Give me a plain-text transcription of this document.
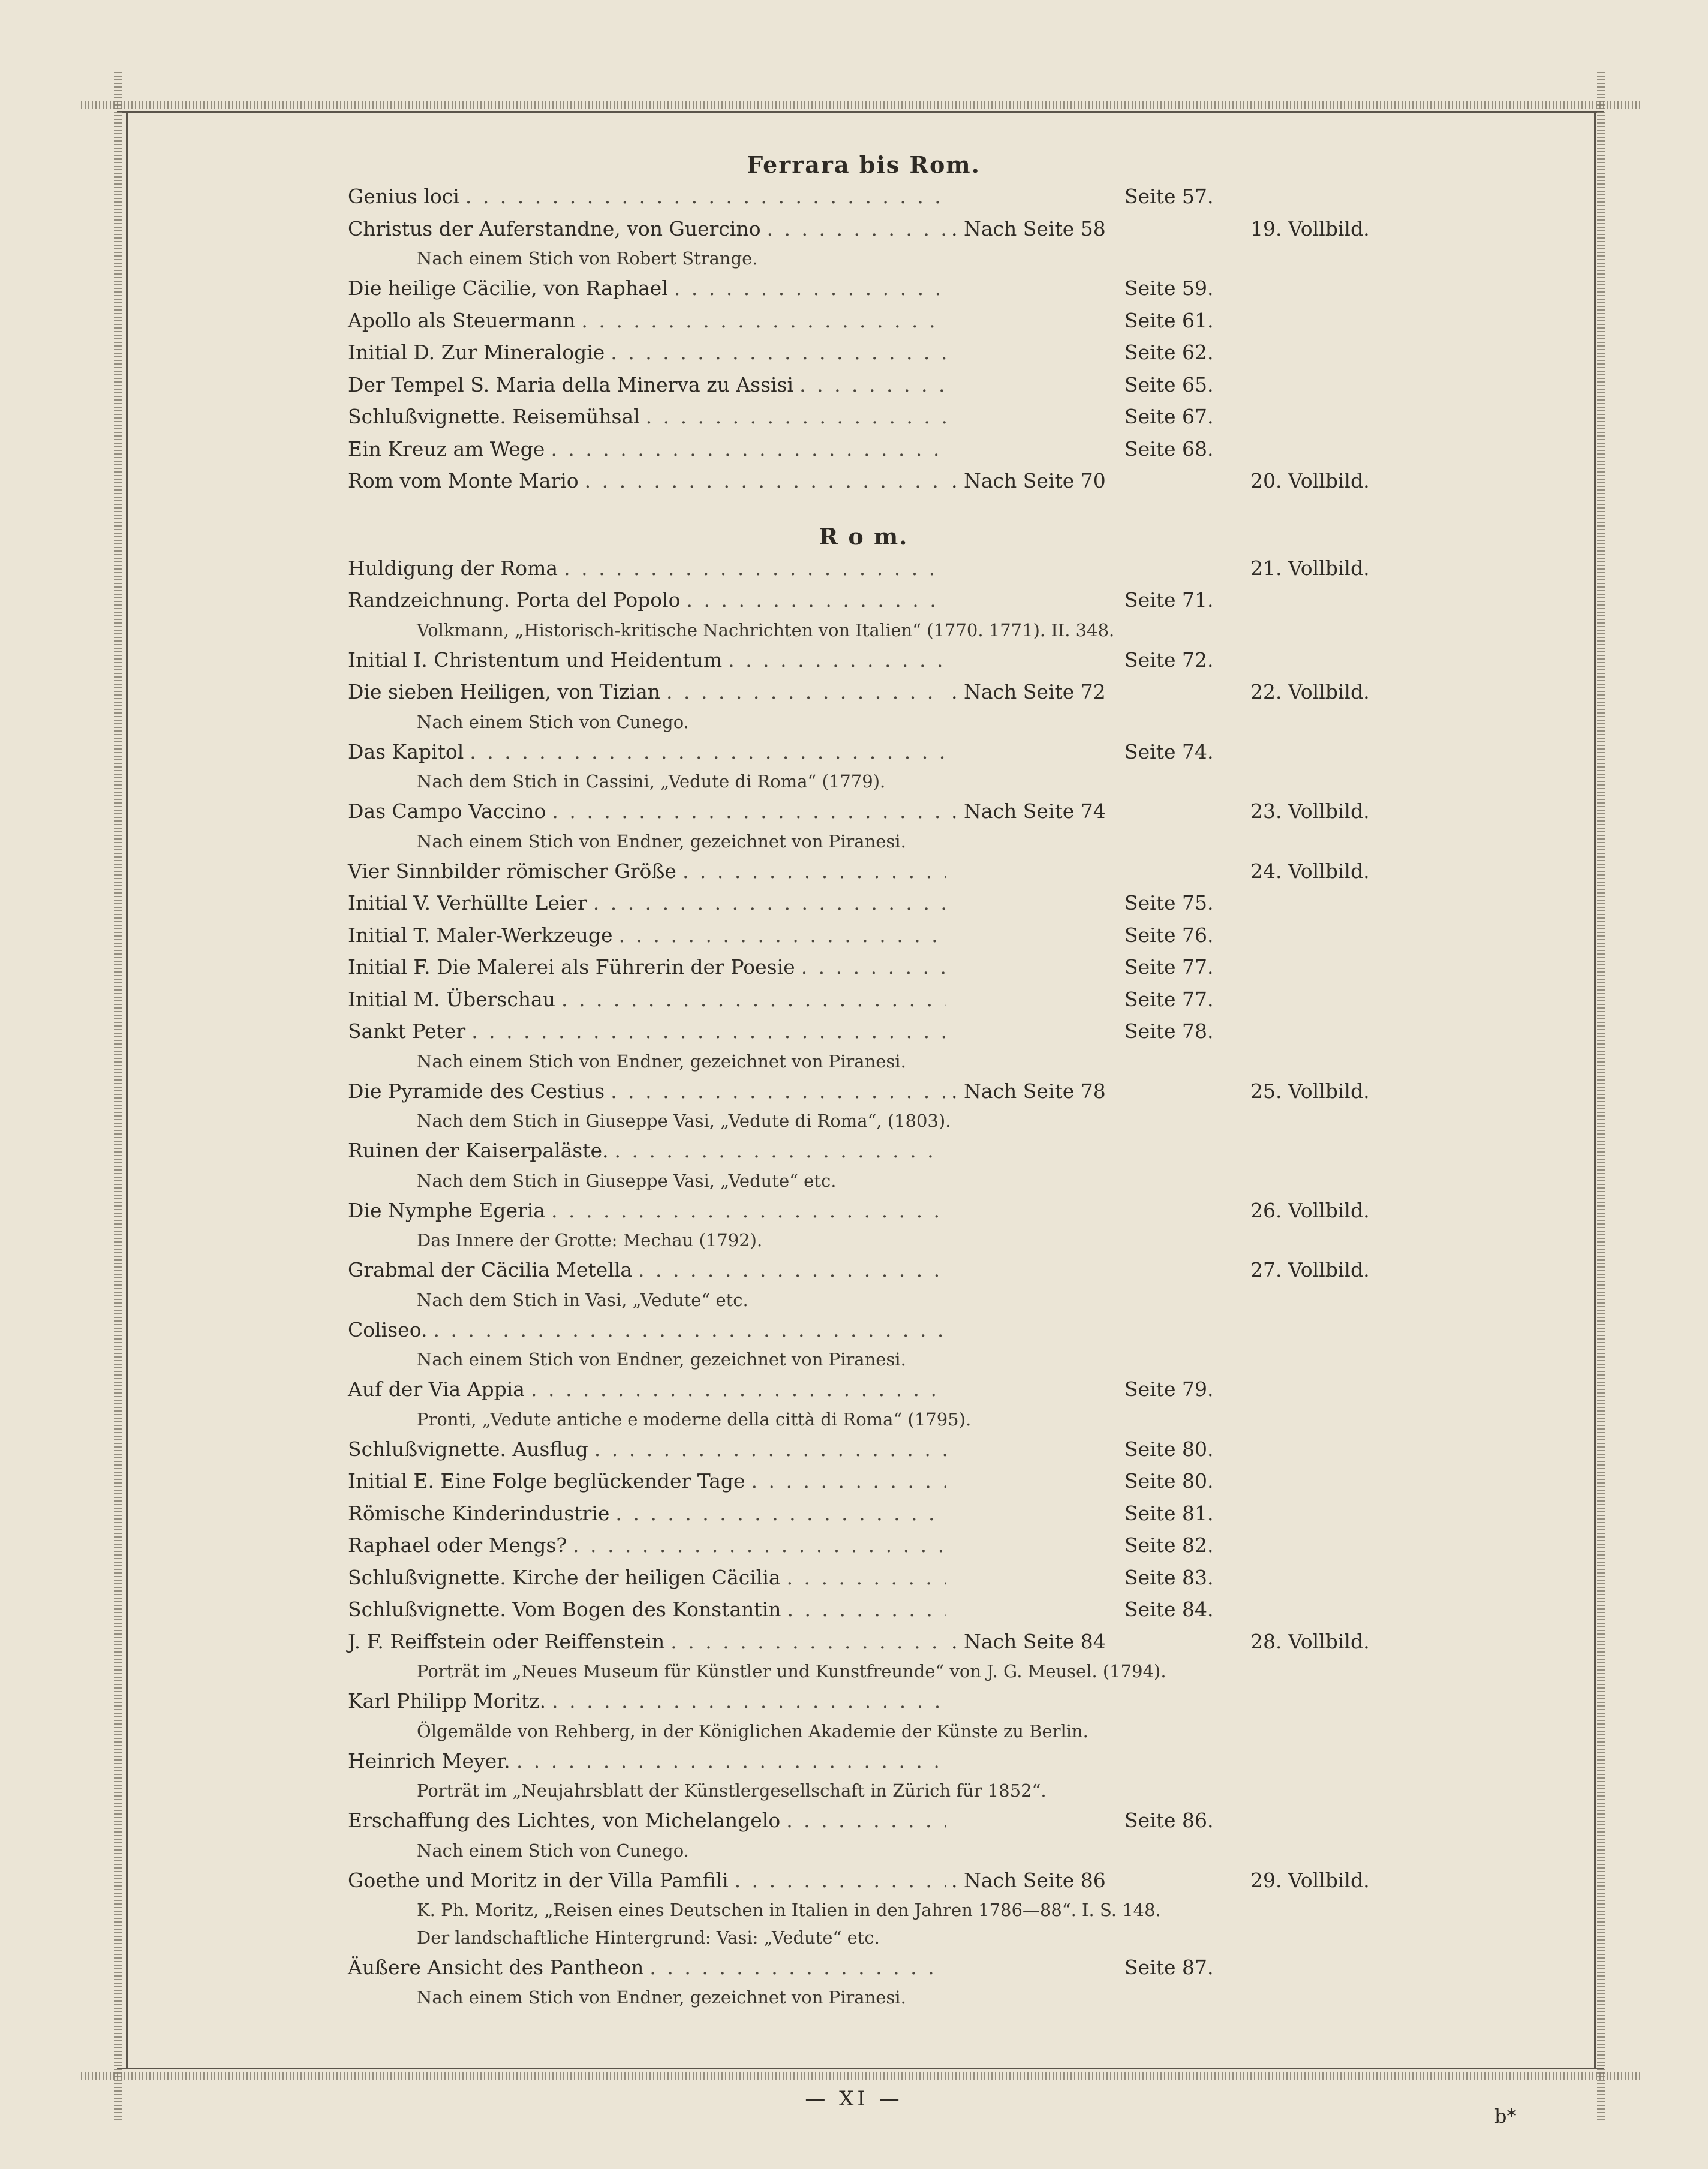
Ferrara bis Rom.
Genius loci . . .	Seite 57.
Christus der Auferstandne, von Guercino . . .	. Nach Seite 58	19. Vollbild.
Nach einem Stich von Robert Strange.
Die heilige Cäcilie, von Raphael . . .	Seite 59.
Apollo als Steuermann . . .	Seite 61.
Initial D. Zur Mineralogie . . .	Seite 62.
Der Tempel S. Maria della Minerva zu Assisi . . .	Seite 65.
Schlußvignette. Reisemühsal . . .	Seite 67.
Ein Kreuz am Wege . . .	Seite 68.
Rom vom Monte Mario . . .	. Nach Seite 70	20. Vollbild.
R o m.
Huldigung der Roma . . .	21. Vollbild.
Randzeichnung. Porta del Popolo . . .	Seite 71.
Volkmann, „Historisch-kritische Nachrichten von Italien“ (1770. 1771). II. 348.
Initial I. Christentum und Heidentum . . .	Seite 72.
Die sieben Heiligen, von Tizian . . .	. Nach Seite 72	22. Vollbild.
Nach einem Stich von Cunego.
Das Kapitol . . .	Seite 74.
Nach dem Stich in Cassini, „Vedute di Roma“ (1779).
Das Campo Vaccino . . .	. Nach Seite 74	23. Vollbild.
Nach einem Stich von Endner, gezeichnet von Piranesi.
Vier Sinnbilder römischer Größe . . .	24. Vollbild.
Initial V. Verhüllte Leier . . .	Seite 75.
Initial T. Maler-Werkzeuge . . .	Seite 76.
Initial F. Die Malerei als Führerin der Poesie . . .	Seite 77.
Initial M. Überschau . . .	Seite 77.
Sankt Peter . . .	Seite 78.
Nach einem Stich von Endner, gezeichnet von Piranesi.
Die Pyramide des Cestius . . .	. Nach Seite 78	25. Vollbild.
Nach dem Stich in Giuseppe Vasi, „Vedute di Roma“, (1803).
Ruinen der Kaiserpaläste.
. . .
Nach dem Stich in Giuseppe Vasi, „Vedute“ etc.
Die Nymphe Egeria . . .	26. Vollbild.
Das Innere der Grotte: Mechau (1792).
Grabmal der Cäcilia Metella . . .	27. Vollbild.
Nach dem Stich in Vasi, „Vedute“ etc.
Coliseo.
. . .
Nach einem Stich von Endner, gezeichnet von Piranesi.
Auf der Via Appia . . .	Seite 79.
Pronti, „Vedute antiche e moderne della città di Roma“ (1795).
Schlußvignette. Ausflug . . .	Seite 80.
Initial E. Eine Folge beglückender Tage . . .	Seite 80.
Römische Kinderindustrie . . .	Seite 81.
Raphael oder Mengs? . . .	Seite 82.
Schlußvignette. Kirche der heiligen Cäcilia . . .	Seite 83.
Schlußvignette. Vom Bogen des Konstantin . . .	Seite 84.
J. F. Reiffstein oder Reiffenstein . . .	. Nach Seite 84	28. Vollbild.
Porträt im „Neues Museum für Künstler und Kunstfreunde“ von J. G. Meusel. (1794).
Karl Philipp Moritz.
. . .
Ölgemälde von Rehberg, in der Königlichen Akademie der Künste zu Berlin.
Heinrich Meyer.
. . .
Porträt im „Neujahrsblatt der Künstlergesellschaft in Zürich für 1852“.
Erschaffung des Lichtes, von Michelangelo . . .	Seite 86.
Nach einem Stich von Cunego.
Goethe und Moritz in der Villa Pamfili . . .	. Nach Seite 86	29. Vollbild.
K. Ph. Moritz, „Reisen eines Deutschen in Italien in den Jahren 1786—88“. I. S. 148.
Der landschaftliche Hintergrund: Vasi: „Vedute“ etc.
Äußere Ansicht des Pantheon . . .	Seite 87.
Nach einem Stich von Endner, gezeichnet von Piranesi.
— XI —
b*
